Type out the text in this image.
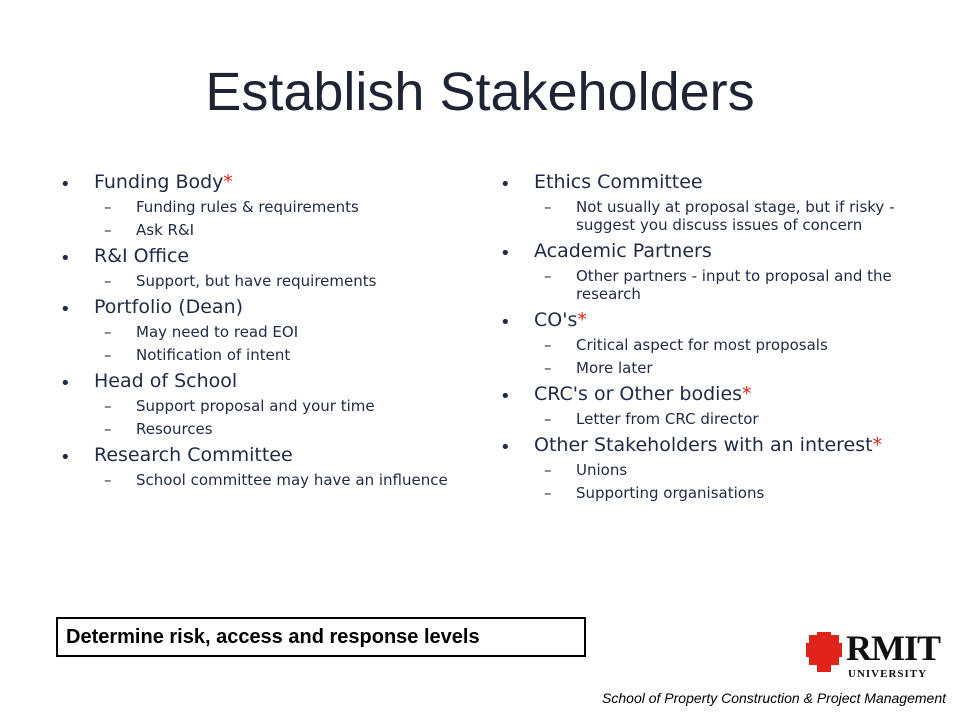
Establish Stakeholders
• Funding Body*
– Funding rules & requirements
– Ask R&I
• R&I Office
– Support, but have requirements
• Portfolio (Dean)
– May need to read EOI
– Notification of intent
• Head of School
– Support proposal and your time
– Resources
• Research Committee
– School committee may have an influence
• Ethics Committee
– Not usually at proposal stage, but if risky - suggest you discuss issues of concern
• Academic Partners
– Other partners - input to proposal and the research
• CO's*
– Critical aspect for most proposals
– More later
• CRC's or Other bodies*
– Letter from CRC director
• Other Stakeholders with an interest*
– Unions
– Supporting organisations
Determine risk, access and response levels	RMIT
UNIVERSITY
School of Property Construction & Project Management
